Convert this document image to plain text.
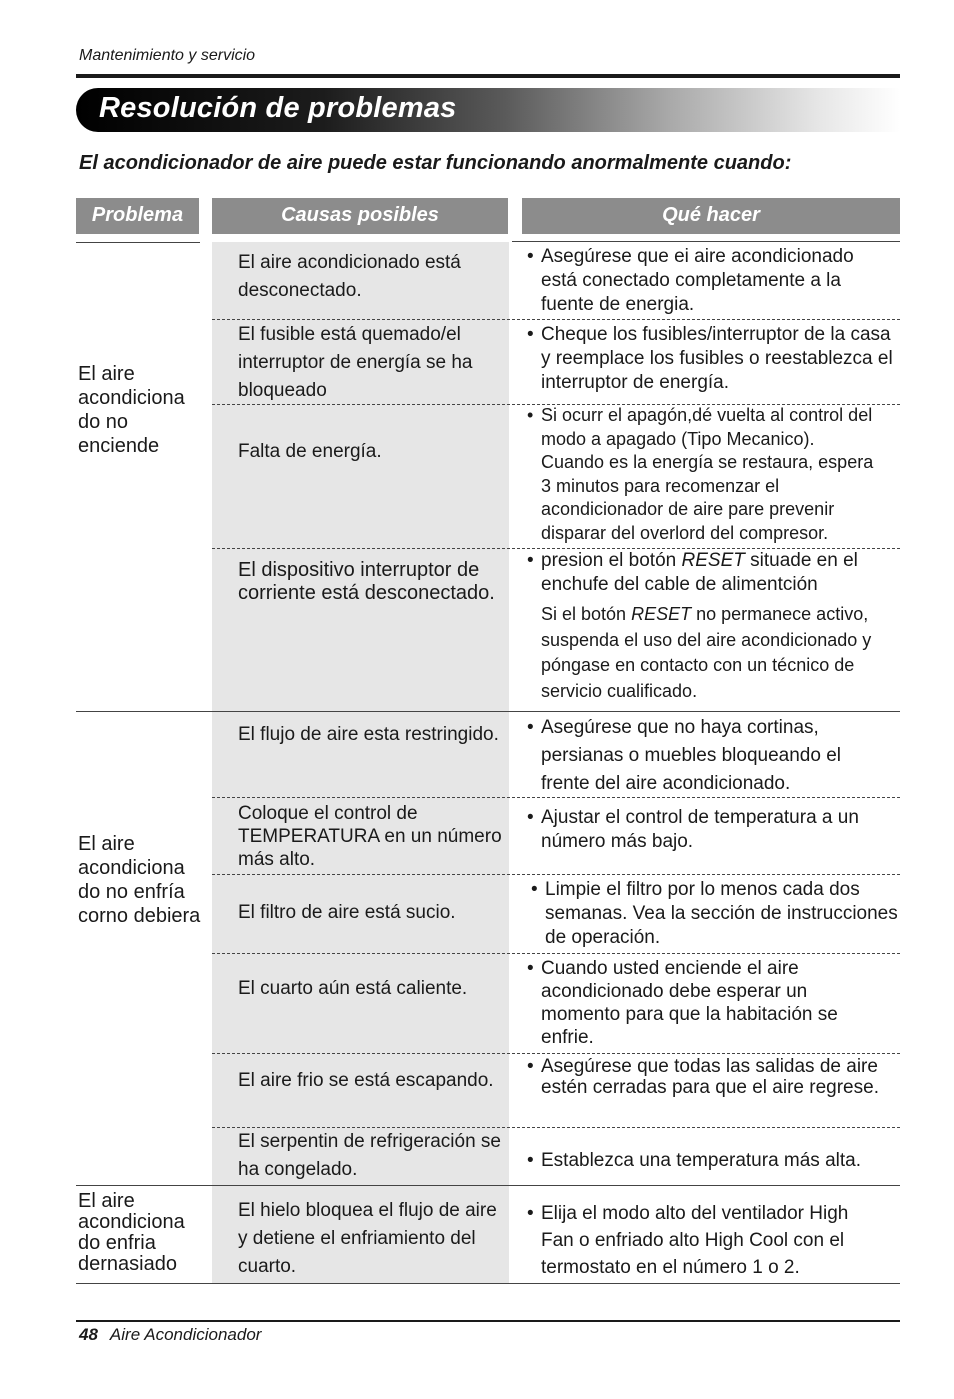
Mantenimiento y servicio
Resolución de problemas
El acondicionador de aire puede estar funcionando anormalmente cuando:
Problema	Causas posibles	Qué hacer
El aire acondiciona do no enciende
El aire acondiciona do no enfría corno debiera
El aire acondiciona do enfria dernasiado
El aire acondicionado está desconectado.
El fusible está quemado/el interruptor de energía se ha bloqueado
Falta de energía.
El dispositivo interruptor de corriente está desconectado.
El flujo de aire esta restringido.
Coloque el control de TEMPERATURA en un número más alto.
El filtro de aire está sucio.
El cuarto aún está caliente.
El aire frio se está escapando.
El serpentin de refrigeración se ha congelado.
El hielo bloquea el flujo de aire y detiene el enfriamiento del cuarto.
• Asegúrese que ei aire acondicionado está conectado completamente a la fuente de energia.
• Cheque los fusibles/interruptor de la casa y reemplace los fusibles o reestablezca el interruptor de energía.
• Si ocurr el apagón,dé vuelta al control del modo a apagado (Tipo Mecanico). Cuando es la energía se restaura, espera 3 minutos para recomenzar el acondicionador de aire pare prevenir disparar del overlord del compresor.
• presion el botón RESET situade en el enchufe del cable de alimentción
Si el botón RESET no permanece activo, suspenda el uso del aire acondicionado y póngase en contacto con un técnico de servicio cualificado.
• Asegúrese que no haya cortinas, persianas o muebles bloqueando el frente del aire acondicionado.
• Ajustar el control de temperatura a un número más bajo.
• Limpie el filtro por lo menos cada dos semanas. Vea la sección de instrucciones de operación.
• Cuando usted enciende el aire acondicionado debe esperar un momento para que la habitación se enfrie.
• Asegúrese que todas las salidas de aire estén cerradas para que el aire regrese.
• Establezca una temperatura más alta.
• Elija el modo alto del ventilador High Fan o enfriado alto High Cool con el termostato en el número 1 o 2.
48 Aire Acondicionador
